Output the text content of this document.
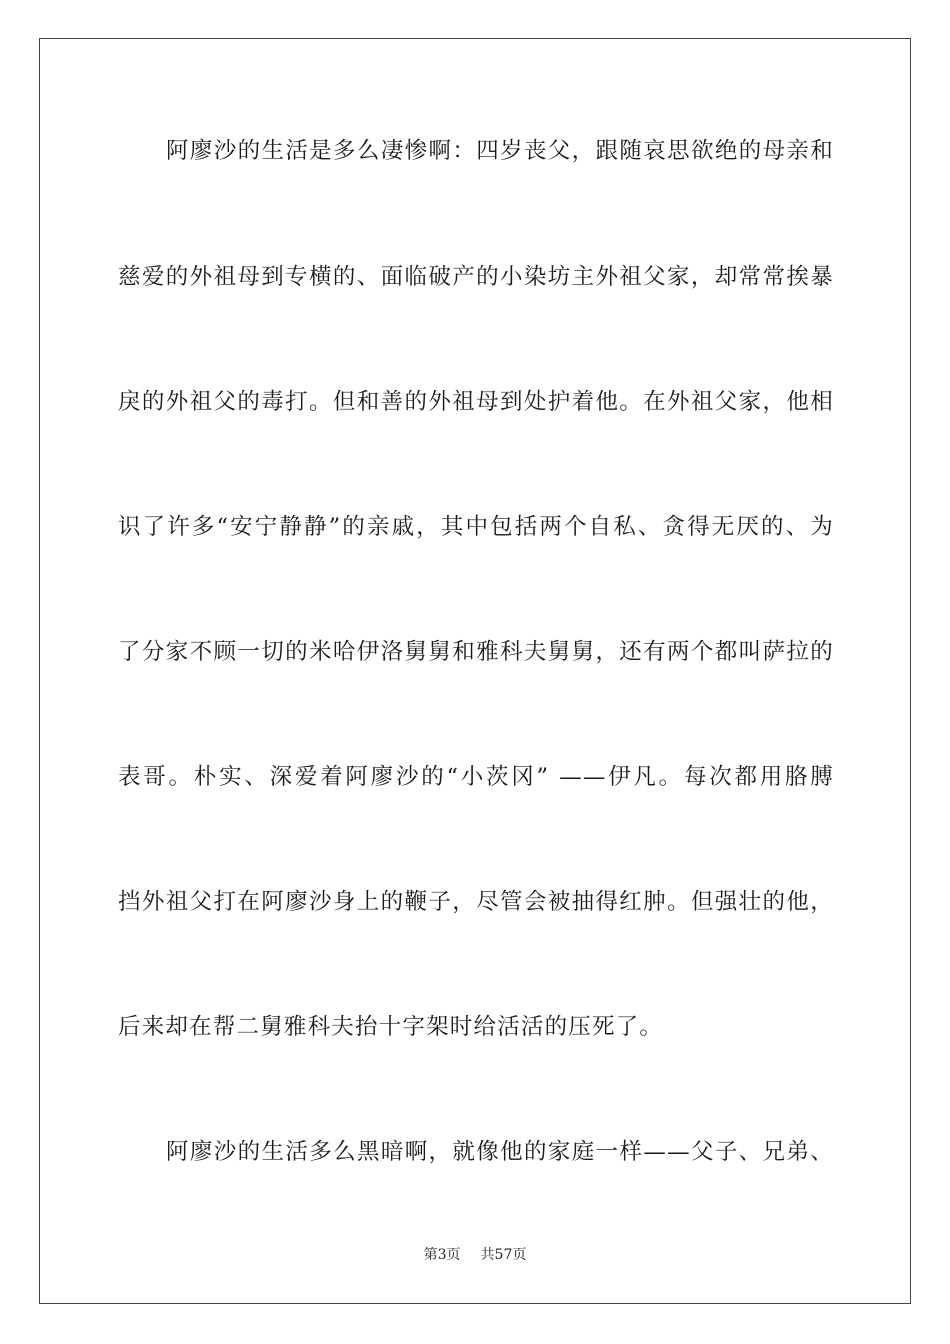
阿廖沙的生活是多么凄惨啊：四岁丧父，跟随哀思欲绝的母亲和
慈爱的外祖母到专横的、面临破产的小染坊主外祖父家，却常常挨暴
戾的外祖父的毒打。但和善的外祖母到处护着他。在外祖父家，他相
识了许多“安宁静静”的亲戚，其中包括两个自私、贪得无厌的、为
了分家不顾一切的米哈伊洛舅舅和雅科夫舅舅，还有两个都叫萨拉的
表哥。朴实、深爱着阿廖沙的“小茨冈” ——伊凡。每次都用胳膊
挡外祖父打在阿廖沙身上的鞭子，尽管会被抽得红肿。但强壮的他，
后来却在帮二舅雅科夫抬十字架时给活活的压死了。
阿廖沙的生活多么黑暗啊，就像他的家庭一样——父子、兄弟、
第3页 共57页
